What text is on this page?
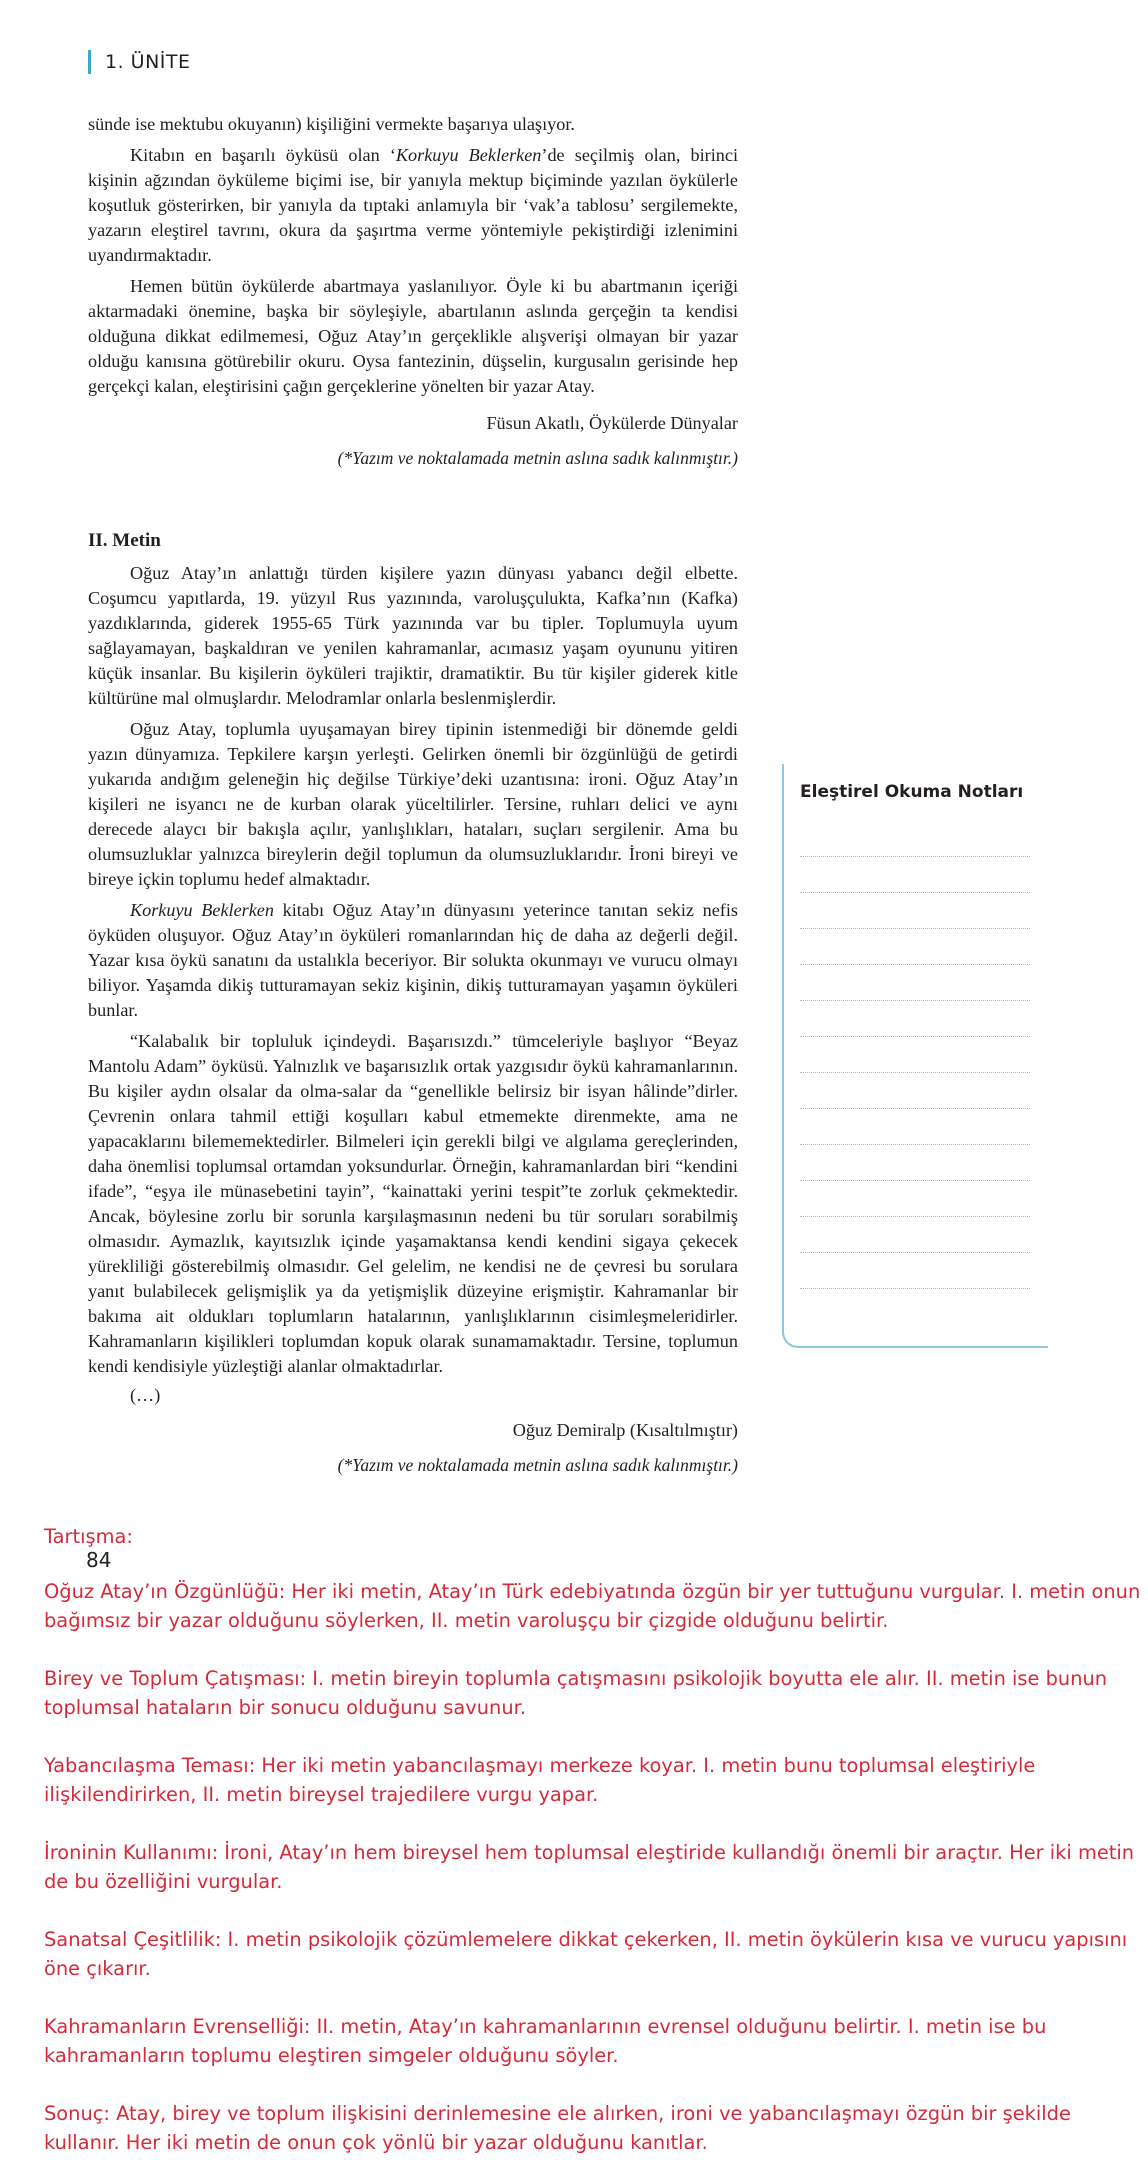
1. ÜNİTE

sünde ise mektubu okuyanın) kişiliğini vermekte başarıya ulaşıyor.

Kitabın en başarılı öyküsü olan ‘Korkuyu Beklerken’de seçilmiş olan, birinci kişinin ağzından öyküleme biçimi ise, bir yanıyla mektup biçiminde yazılan öykülerle koşutluk gösterirken, bir yanıyla da tıptaki anlamıyla bir ‘vak’a tablosu’ sergilemekte, yazarın eleştirel tavrını, okura da şaşırtma verme yöntemiyle pekiştirdiği izlenimini uyandırmaktadır.

Hemen bütün öykülerde abartmaya yaslanılıyor. Öyle ki bu abartmanın içeriği aktarmadaki önemine, başka bir söyleşiyle, abartılanın aslında gerçeğin ta kendisi olduğuna dikkat edilmemesi, Oğuz Atay’ın gerçeklikle alışverişi olmayan bir yazar olduğu kanısına götürebilir okuru. Oysa fantezinin, düşselin, kurgusalın gerisinde hep gerçekçi kalan, eleştirisini çağın gerçeklerine yönelten bir yazar Atay.

Füsun Akatlı, Öykülerde Dünyalar

(*Yazım ve noktalamada metnin aslına sadık kalınmıştır.)

II. Metin

Oğuz Atay’ın anlattığı türden kişilere yazın dünyası yabancı değil elbette. Coşumcu yapıtlarda, 19. yüzyıl Rus yazınında, varoluşçulukta, Kafka’nın (Kafka) yazdıklarında, giderek 1955-65 Türk yazınında var bu tipler. Toplumuyla uyum sağlayamayan, başkaldıran ve yenilen kahramanlar, acımasız yaşam oyununu yitiren küçük insanlar. Bu kişilerin öyküleri trajiktir, dramatiktir. Bu tür kişiler giderek kitle kültürüne mal olmuşlardır. Melodramlar onlarla beslenmişlerdir.

Oğuz Atay, toplumla uyuşamayan birey tipinin istenmediği bir dönemde geldi yazın dünyamıza. Tepkilere karşın yerleşti. Gelirken önemli bir özgünlüğü de getirdi yukarıda andığım geleneğin hiç değilse Türkiye’deki uzantısına: ironi. Oğuz Atay’ın kişileri ne isyancı ne de kurban olarak yüceltilirler. Tersine, ruhları delici ve aynı derecede alaycı bir bakışla açılır, yanlışlıkları, hataları, suçları sergilenir. Ama bu olumsuzluklar yalnızca bireylerin değil toplumun da olumsuzluklarıdır. İroni bireyi ve bireye içkin toplumu hedef almaktadır.

Korkuyu Beklerken kitabı Oğuz Atay’ın dünyasını yeterince tanıtan sekiz nefis öyküden oluşuyor. Oğuz Atay’ın öyküleri romanlarından hiç de daha az değerli değil. Yazar kısa öykü sanatını da ustalıkla beceriyor. Bir solukta okunmayı ve vurucu olmayı biliyor. Yaşamda dikiş tutturamayan sekiz kişinin, dikiş tutturamayan yaşamın öyküleri bunlar.

“Kalabalık bir topluluk içindeydi. Başarısızdı.” tümceleriyle başlıyor “Beyaz Mantolu Adam” öyküsü. Yalnızlık ve başarısızlık ortak yazgısıdır öykü kahramanlarının. Bu kişiler aydın olsalar da olma-salar da “genellikle belirsiz bir isyan hâlinde”dirler. Çevrenin onlara tahmil ettiği koşulları kabul etmemekte direnmekte, ama ne yapacaklarını bilememektedirler. Bilmeleri için gerekli bilgi ve algılama gereçlerinden, daha önemlisi toplumsal ortamdan yoksundurlar. Örneğin, kahramanlardan biri “kendini ifade”, “eşya ile münasebetini tayin”, “kainattaki yerini tespit”te zorluk çekmektedir. Ancak, böylesine zorlu bir sorunla karşılaşmasının nedeni bu tür soruları sorabilmiş olmasıdır. Aymazlık, kayıtsızlık içinde yaşamaktansa kendi kendini sigaya çekecek yürekliliği gösterebilmiş olmasıdır. Gel gelelim, ne kendisi ne de çevresi bu sorulara yanıt bulabilecek gelişmişlik ya da yetişmişlik düzeyine erişmiştir. Kahramanlar bir bakıma ait oldukları toplumların hatalarının, yanlışlıklarının cisimleşmeleridirler. Kahramanların kişilikleri toplumdan kopuk olarak sunamamaktadır. Tersine, toplumun kendi kendisiyle yüzleştiği alanlar olmaktadırlar.

(…)

Oğuz Demiralp (Kısaltılmıştır)

(*Yazım ve noktalamada metnin aslına sadık kalınmıştır.)

Eleştirel Okuma Notları
Tartışma:
84

Oğuz Atay’ın Özgünlüğü: Her iki metin, Atay’ın Türk edebiyatında özgün bir yer tuttuğunu vurgular. I. metin onun bağımsız bir yazar olduğunu söylerken, II. metin varoluşçu bir çizgide olduğunu belirtir.

Birey ve Toplum Çatışması: I. metin bireyin toplumla çatışmasını psikolojik boyutta ele alır. II. metin ise bunun toplumsal hataların bir sonucu olduğunu savunur.

Yabancılaşma Teması: Her iki metin yabancılaşmayı merkeze koyar. I. metin bunu toplumsal eleştiriyle ilişkilendirirken, II. metin bireysel trajedilere vurgu yapar.

İroninin Kullanımı: İroni, Atay’ın hem bireysel hem toplumsal eleştiride kullandığı önemli bir araçtır. Her iki metin de bu özelliğini vurgular.

Sanatsal Çeşitlilik: I. metin psikolojik çözümlemelere dikkat çekerken, II. metin öykülerin kısa ve vurucu yapısını öne çıkarır.

Kahramanların Evrenselliği: II. metin, Atay’ın kahramanlarının evrensel olduğunu belirtir. I. metin ise bu kahramanların toplumu eleştiren simgeler olduğunu söyler.

Sonuç: Atay, birey ve toplum ilişkisini derinlemesine ele alırken, ironi ve yabancılaşmayı özgün bir şekilde kullanır. Her iki metin de onun çok yönlü bir yazar olduğunu kanıtlar.
